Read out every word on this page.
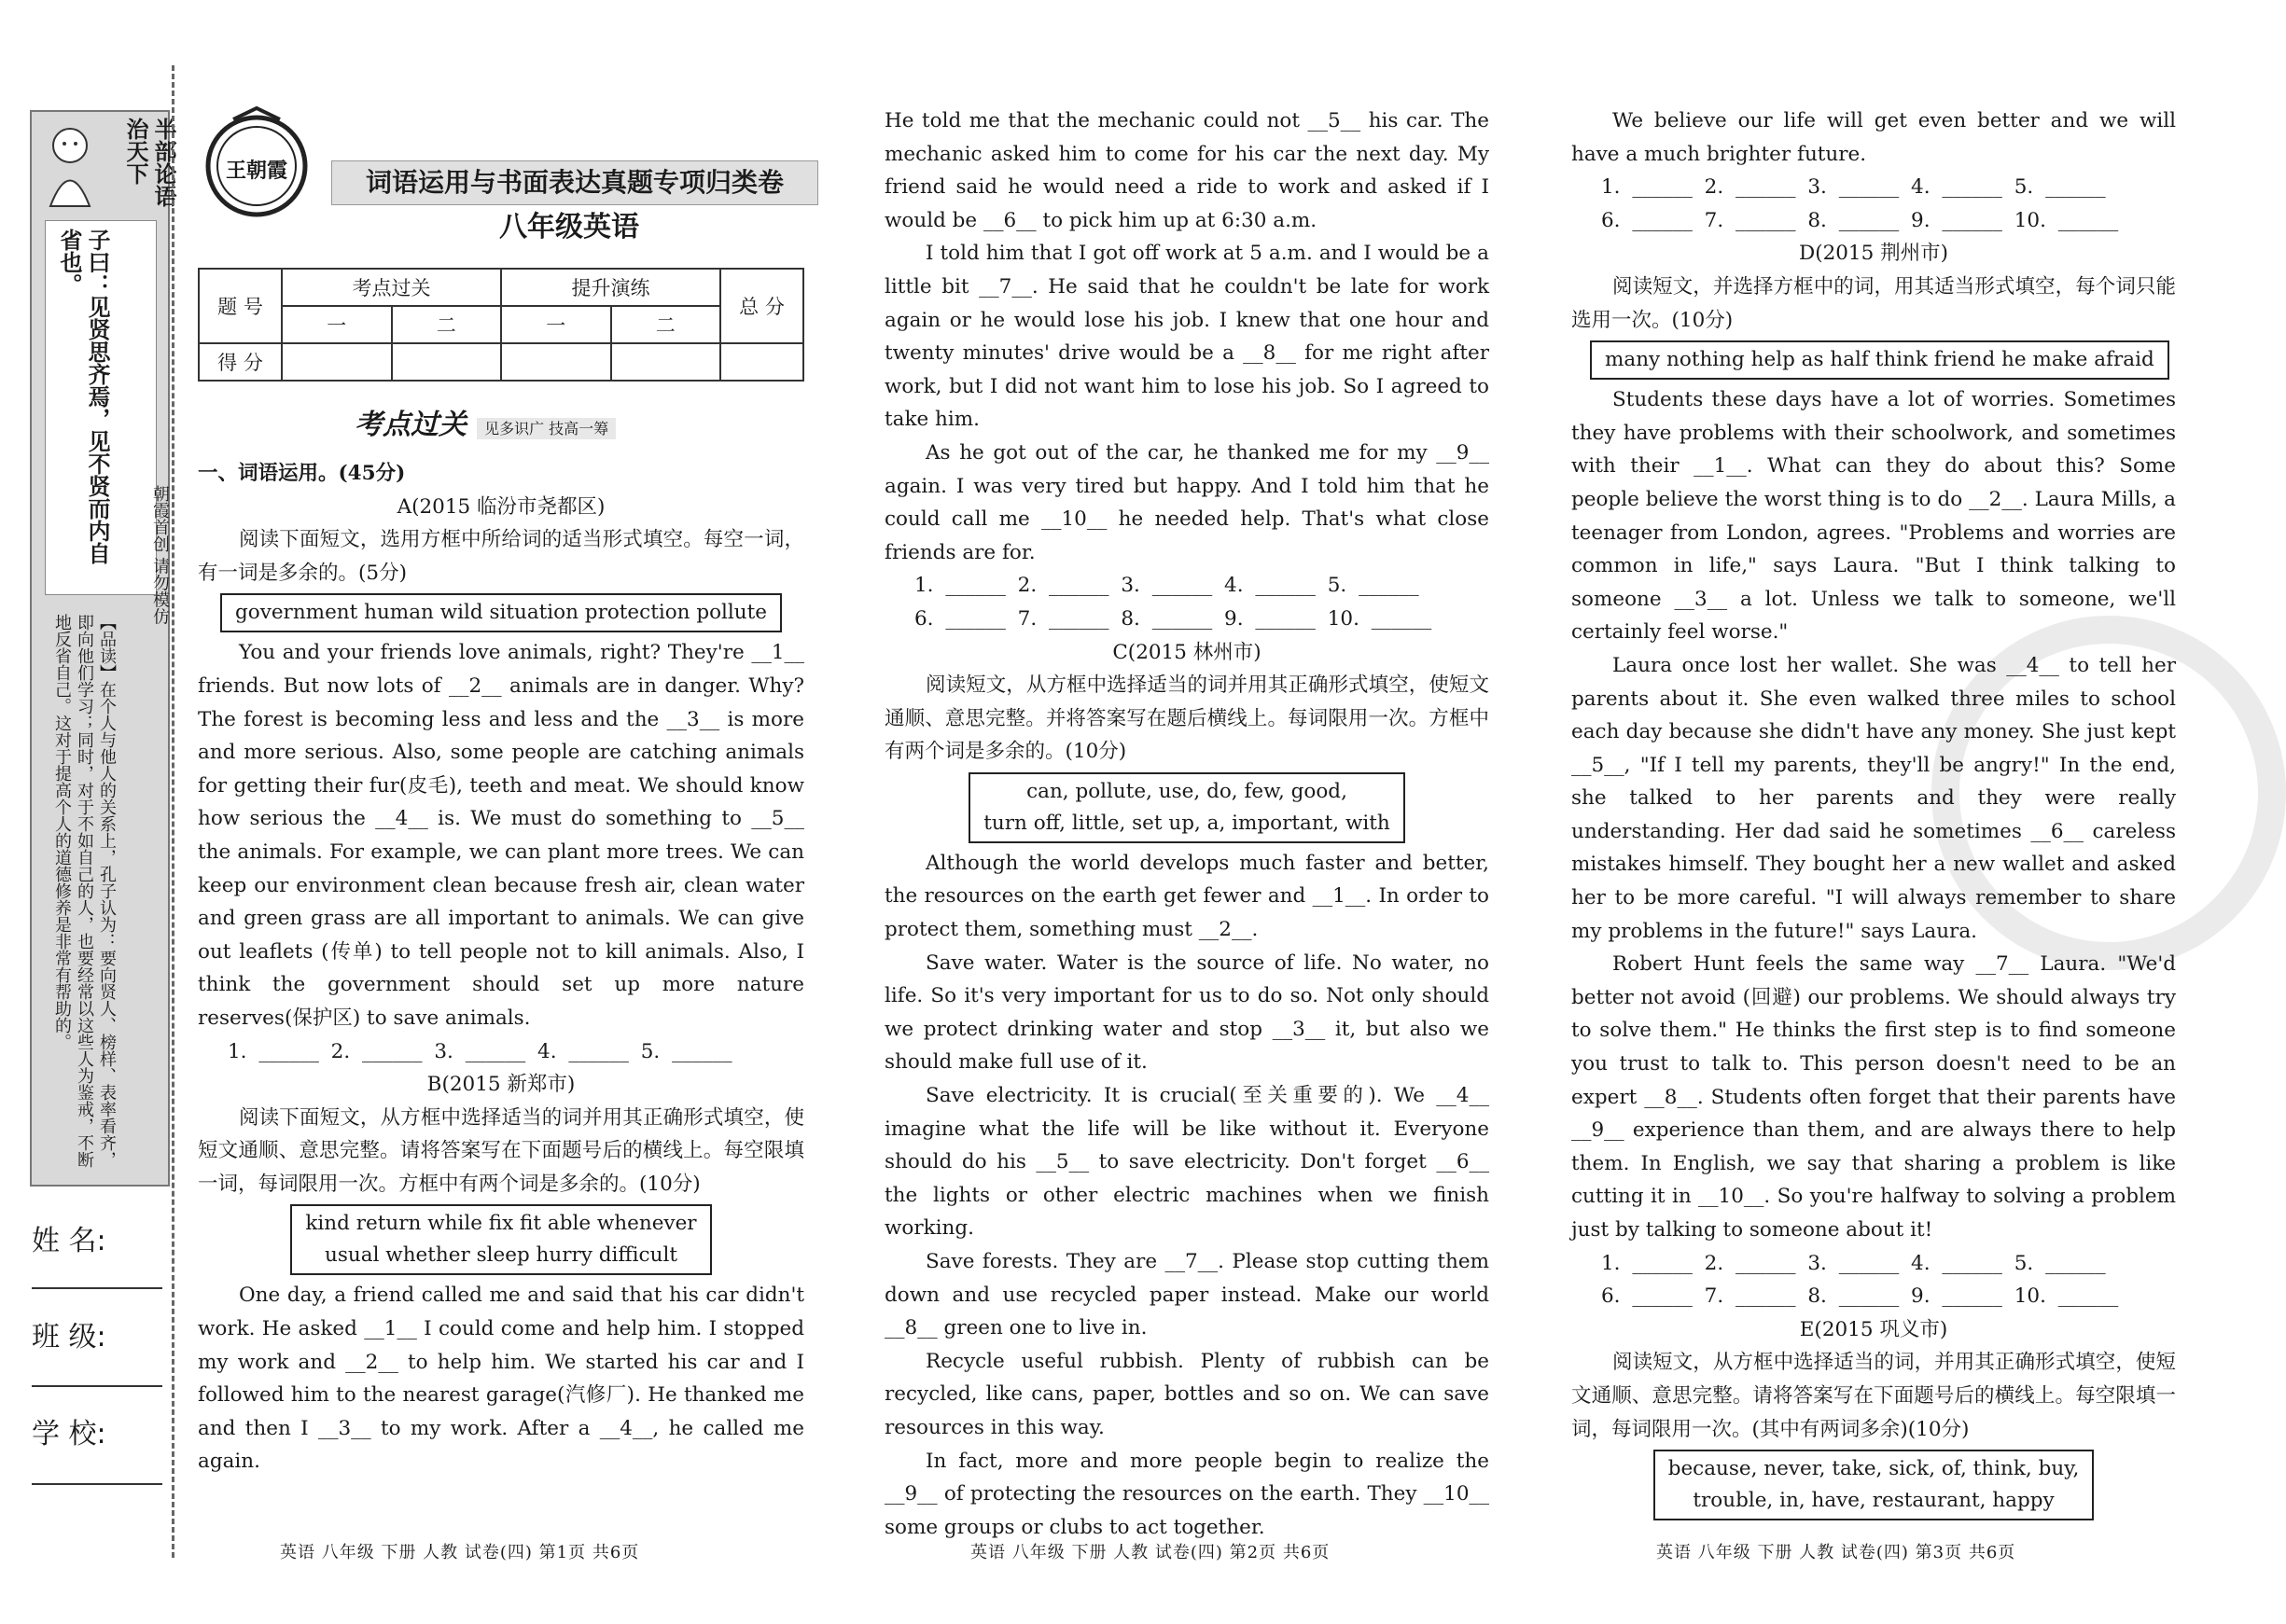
半部论语治天下
子曰：见贤思齐焉，见不贤而内自省也。
【品读】在个人与他人的关系上，孔子认为：要向贤人、榜样、表率看齐，即向他们学习；同时，对于不如自己的人，也要经常以这些人为鉴戒，不断地反省自己。这对于提高个人的道德修养是非常有帮助的。
朝霞首创 请勿模仿
姓 名:
班 级:
学 校:
王朝霞	词语运用与书面表达真题专项归类卷
八年级英语
题 号	考点过关		提升演练		总 分
	一	二	一	二	
得 分					
考点过关 见多识广 技高一筹

一、词语运用。(45分)

A(2015 临汾市尧都区)

阅读下面短文，选用方框中所给词的适当形式填空。每空一词，有一词是多余的。(5分)

government human wild situation protection pollute

You and your friends love animals, right? They're __1__ friends. But now lots of __2__ animals are in danger. Why? The forest is becoming less and less and the __3__ is more and more serious. Also, some people are catching animals for getting their fur(皮毛), teeth and meat. We should know how serious the __4__ is. We must do something to __5__ the animals. For example, we can plant more trees. We can keep our environment clean because fresh air, clean water and green grass are all important to animals. We can give out leaflets (传单) to tell people not to kill animals. Also, I think the government should set up more nature reserves(保护区) to save animals.

1. ______ 2. ______ 3. ______ 4. ______ 5. ______

B(2015 新郑市)

阅读下面短文，从方框中选择适当的词并用其正确形式填空，使短文通顺、意思完整。请将答案写在下面题号后的横线上。每空限填一词，每词限用一次。方框中有两个词是多余的。(10分)

kind return while fix fit able whenever
usual whether sleep hurry difficult

One day, a friend called me and said that his car didn't work. He asked __1__ I could come and help him. I stopped my work and __2__ to help him. We started his car and I followed him to the nearest garage(汽修厂). He thanked me and then I __3__ to my work. After a __4__, he called me again.

He told me that the mechanic could not __5__ his car. The mechanic asked him to come for his car the next day. My friend said he would need a ride to work and asked if I would be __6__ to pick him up at 6:30 a.m.

I told him that I got off work at 5 a.m. and I would be a little bit __7__. He said that he couldn't be late for work again or he would lose his job. I knew that one hour and twenty minutes' drive would be a __8__ for me right after work, but I did not want him to lose his job. So I agreed to take him.

As he got out of the car, he thanked me for my __9__ again. I was very tired but happy. And I told him that he could call me __10__ he needed help. That's what close friends are for.

1. ______ 2. ______ 3. ______ 4. ______ 5. ______

6. ______ 7. ______ 8. ______ 9. ______ 10. ______

C(2015 林州市)

阅读短文，从方框中选择适当的词并用其正确形式填空，使短文通顺、意思完整。并将答案写在题后横线上。每词限用一次。方框中有两个词是多余的。(10分)

can, pollute, use, do, few, good,
turn off, little, set up, a, important, with

Although the world develops much faster and better, the resources on the earth get fewer and __1__. In order to protect them, something must __2__.

Save water. Water is the source of life. No water, no life. So it's very important for us to do so. Not only should we protect drinking water and stop __3__ it, but also we should make full use of it.

Save electricity. It is crucial(至关重要的). We __4__ imagine what the life will be like without it. Everyone should do his __5__ to save electricity. Don't forget __6__ the lights or other electric machines when we finish working.

Save forests. They are __7__. Please stop cutting them down and use recycled paper instead. Make our world __8__ green one to live in.

Recycle useful rubbish. Plenty of rubbish can be recycled, like cans, paper, bottles and so on. We can save resources in this way.

In fact, more and more people begin to realize the __9__ of protecting the resources on the earth. They __10__ some groups or clubs to act together.

We believe our life will get even better and we will have a much brighter future.

1. ______ 2. ______ 3. ______ 4. ______ 5. ______

6. ______ 7. ______ 8. ______ 9. ______ 10. ______

D(2015 荆州市)

阅读短文，并选择方框中的词，用其适当形式填空，每个词只能选用一次。(10分)

many nothing help as half think friend he make afraid

Students these days have a lot of worries. Sometimes they have problems with their schoolwork, and sometimes with their __1__. What can they do about this? Some people believe the worst thing is to do __2__. Laura Mills, a teenager from London, agrees. "Problems and worries are common in life," says Laura. "But I think talking to someone __3__ a lot. Unless we talk to someone, we'll certainly feel worse."

Laura once lost her wallet. She was __4__ to tell her parents about it. She even walked three miles to school each day because she didn't have any money. She just kept __5__, "If I tell my parents, they'll be angry!" In the end, she talked to her parents and they were really understanding. Her dad said he sometimes __6__ careless mistakes himself. They bought her a new wallet and asked her to be more careful. "I will always remember to share my problems in the future!" says Laura.

Robert Hunt feels the same way __7__ Laura. "We'd better not avoid (回避) our problems. We should always try to solve them." He thinks the first step is to find someone you trust to talk to. This person doesn't need to be an expert __8__. Students often forget that their parents have __9__ experience than them, and are always there to help them. In English, we say that sharing a problem is like cutting it in __10__. So you're halfway to solving a problem just by talking to someone about it!

1. ______ 2. ______ 3. ______ 4. ______ 5. ______

6. ______ 7. ______ 8. ______ 9. ______ 10. ______

E(2015 巩义市)

阅读短文，从方框中选择适当的词，并用其正确形式填空，使短文通顺、意思完整。请将答案写在下面题号后的横线上。每空限填一词，每词限用一次。(其中有两词多余)(10分)

because, never, take, sick, of, think, buy,
trouble, in, have, restaurant, happy
英语 八年级 下册 人教 试卷(四) 第1页 共6页	英语 八年级 下册 人教 试卷(四) 第2页 共6页	英语 八年级 下册 人教 试卷(四) 第3页 共6页
